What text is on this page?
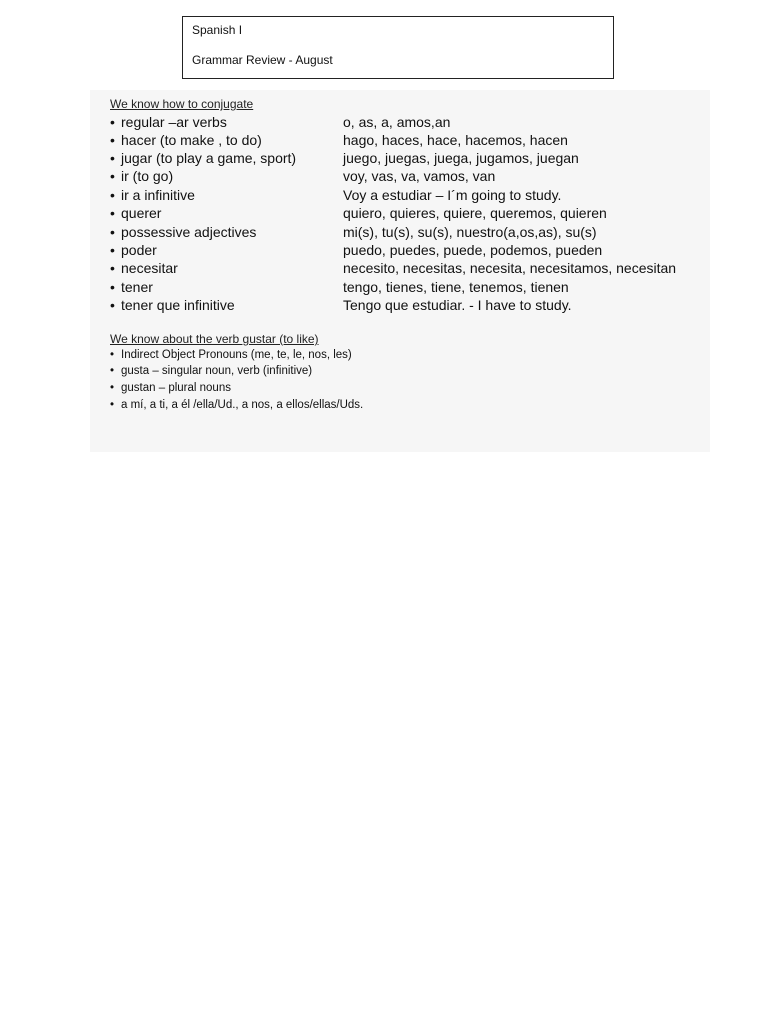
Spanish I
Grammar Review - August
We know how to conjugate
• regular –ar verbs	o, as, a, amos,an
• hacer (to make , to do)	hago, haces, hace, hacemos, hacen
• jugar (to play a game, sport)	juego, juegas, juega, jugamos, juegan
• ir (to go)	voy, vas, va, vamos, van
• ir a infinitive	Voy a estudiar – I´m going to study.
• querer	quiero, quieres, quiere, queremos, quieren
• possessive adjectives	mi(s), tu(s), su(s), nuestro(a,os,as), su(s)
• poder	puedo, puedes, puede, podemos, pueden
• necesitar	necesito, necesitas, necesita, necesitamos, necesitan
• tener	tengo, tienes, tiene, tenemos, tienen
• tener que infinitive	Tengo que estudiar. - I have to study.
We know about the verb gustar (to like)
• Indirect Object Pronouns (me, te, le, nos, les)
• gusta – singular noun, verb (infinitive)
• gustan – plural nouns
• a mí, a ti, a él /ella/Ud., a nos, a ellos/ellas/Uds.
